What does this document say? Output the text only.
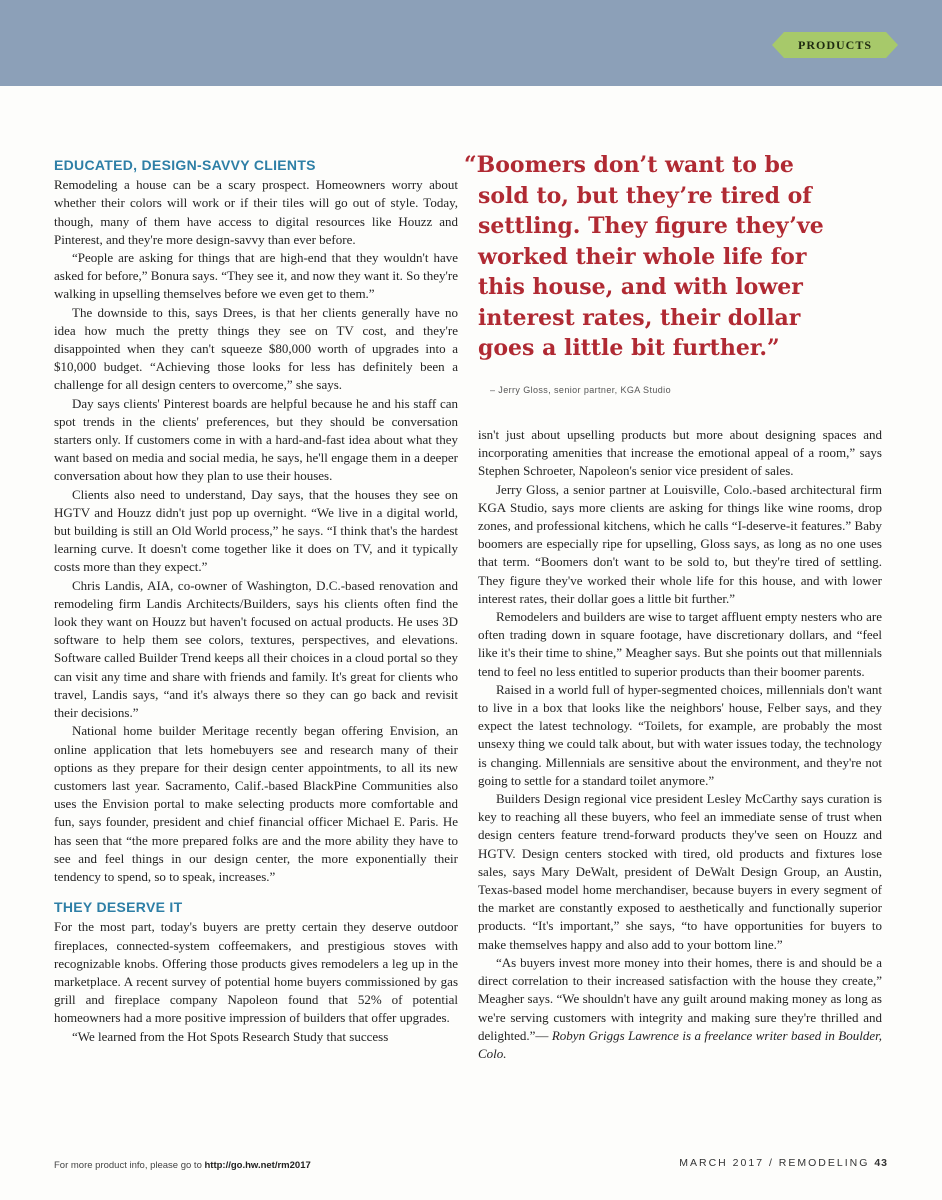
PRODUCTS
EDUCATED, DESIGN-SAVVY CLIENTS

Remodeling a house can be a scary prospect. Homeowners worry about whether their colors will work or if their tiles will go out of style. Today, though, many of them have access to digital resources like Houzz and Pinterest, and they're more design-savvy than ever before.

“People are asking for things that are high-end that they wouldn't have asked for before,” Bonura says. “They see it, and now they want it. So they're walking in upselling themselves before we even get to them.”

The downside to this, says Drees, is that her clients generally have no idea how much the pretty things they see on TV cost, and they're disappointed when they can't squeeze $80,000 worth of upgrades into a $10,000 budget. “Achieving those looks for less has definitely been a challenge for all design centers to overcome,” she says.

Day says clients' Pinterest boards are helpful because he and his staff can spot trends in the clients' preferences, but they should be conversation starters only. If customers come in with a hard-and-fast idea about what they want based on media and social media, he says, he'll engage them in a deeper conversation about how they plan to use their houses.

Clients also need to understand, Day says, that the houses they see on HGTV and Houzz didn't just pop up overnight. “We live in a digital world, but building is still an Old World process,” he says. “I think that's the hardest learning curve. It doesn't come together like it does on TV, and it typically costs more than they expect.”

Chris Landis, AIA, co-owner of Washington, D.C.-based renovation and remodeling firm Landis Architects/Builders, says his clients often find the look they want on Houzz but haven't focused on actual products. He uses 3D software to help them see colors, textures, perspectives, and elevations. Software called Builder Trend keeps all their choices in a cloud portal so they can visit any time and share with friends and family. It's great for clients who travel, Landis says, “and it's always there so they can go back and revisit their decisions.”

National home builder Meritage recently began offering Envision, an online application that lets homebuyers see and research many of their options as they prepare for their design center appointments, to all its new customers last year. Sacramento, Calif.-based BlackPine Communities also uses the Envision portal to make selecting products more comfortable and fun, says founder, president and chief financial officer Michael E. Paris. He has seen that “the more prepared folks are and the more ability they have to see and feel things in our design center, the more exponentially their tendency to spend, so to speak, increases.”

THEY DESERVE IT

For the most part, today's buyers are pretty certain they deserve outdoor fireplaces, connected-system coffeemakers, and prestigious stoves with recognizable knobs. Offering those products gives remodelers a leg up in the marketplace. A recent survey of potential home buyers commissioned by gas grill and fireplace company Napoleon found that 52% of potential homeowners had a more positive impression of builders that offer upgrades.

“We learned from the Hot Spots Research Study that success

“Boomers don’t want to be
sold to, but they’re tired of
settling. They figure they’ve
worked their whole life for
this house, and with lower
interest rates, their dollar
goes a little bit further.”
– Jerry Gloss, senior partner, KGA Studio

isn't just about upselling products but more about designing spaces and incorporating amenities that increase the emotional appeal of a room,” says Stephen Schroeter, Napoleon's senior vice president of sales.

Jerry Gloss, a senior partner at Louisville, Colo.-based architectural firm KGA Studio, says more clients are asking for things like wine rooms, drop zones, and professional kitchens, which he calls “I-deserve-it features.” Baby boomers are especially ripe for upselling, Gloss says, as long as no one uses that term. “Boomers don't want to be sold to, but they're tired of settling. They figure they've worked their whole life for this house, and with lower interest rates, their dollar goes a little bit further.”

Remodelers and builders are wise to target affluent empty nesters who are often trading down in square footage, have discretionary dollars, and “feel like it's their time to shine,” Meagher says. But she points out that millennials tend to feel no less entitled to superior products than their boomer parents.

Raised in a world full of hyper-segmented choices, millennials don't want to live in a box that looks like the neighbors' house, Felber says, and they expect the latest technology. “Toilets, for example, are probably the most unsexy thing we could talk about, but with water issues today, the technology is changing. Millennials are sensitive about the environment, and they're not going to settle for a standard toilet anymore.”

Builders Design regional vice president Lesley McCarthy says curation is key to reaching all these buyers, who feel an immediate sense of trust when design centers feature trend-forward products they've seen on Houzz and HGTV. Design centers stocked with tired, old products and fixtures lose sales, says Mary DeWalt, president of DeWalt Design Group, an Austin, Texas-based model home merchandiser, because buyers in every segment of the market are constantly exposed to aesthetically and functionally superior products. “It's important,” she says, “to have opportunities for buyers to make themselves happy and also add to your bottom line.”

“As buyers invest more money into their homes, there is and should be a direct correlation to their increased satisfaction with the house they create,” Meagher says. “We shouldn't have any guilt around making money as long as we're serving customers with integrity and making sure they're thrilled and delighted.”— Robyn Griggs Lawrence is a freelance writer based in Boulder, Colo.

For more product info, please go to http://go.hw.net/rm2017	MARCH 2017 / REMODELING 43
